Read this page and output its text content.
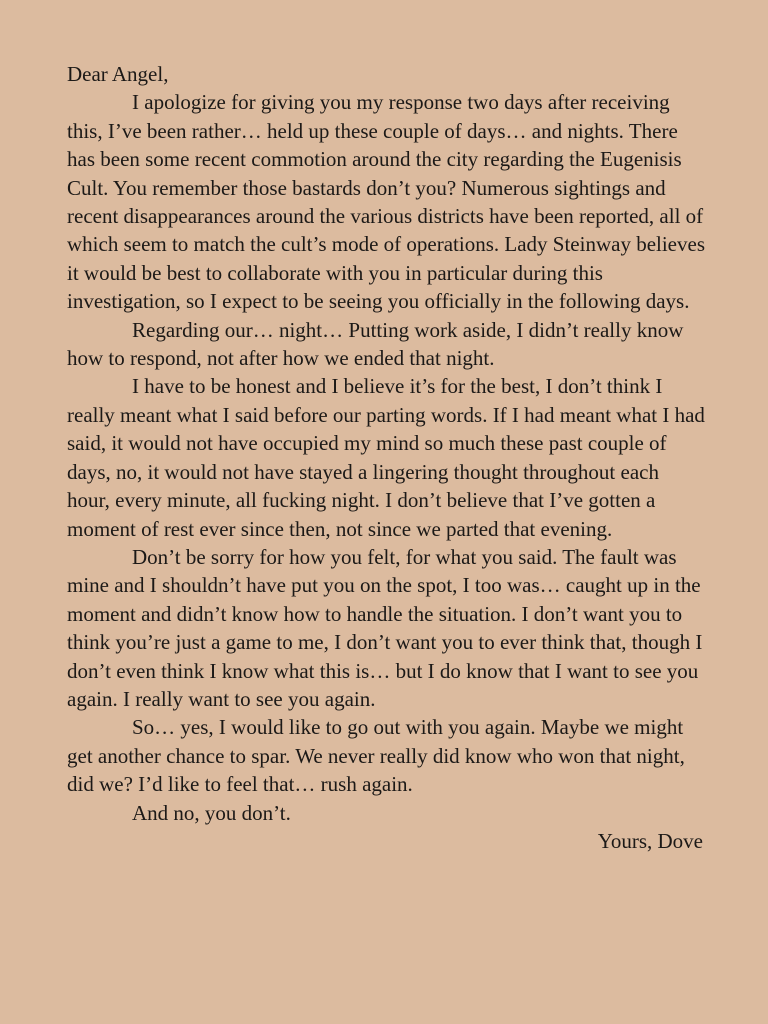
Dear Angel,

I apologize for giving you my response two days after receiving this, I’ve been rather… held up these couple of days… and nights. There has been some recent commotion around the city regarding the Eugenisis Cult. You remember those bastards don’t you? Numerous sightings and recent disappearances around the various districts have been reported, all of which seem to match the cult’s mode of operations. Lady Steinway believes it would be best to collaborate with you in particular during this investigation, so I expect to be seeing you officially in the following days.

Regarding our… night… Putting work aside, I didn’t really know how to respond, not after how we ended that night.

I have to be honest and I believe it’s for the best, I don’t think I really meant what I said before our parting words. If I had meant what I had said, it would not have occupied my mind so much these past couple of days, no, it would not have stayed a lingering thought throughout each hour, every minute, all fucking night. I don’t believe that I’ve gotten a moment of rest ever since then, not since we parted that evening.

Don’t be sorry for how you felt, for what you said. The fault was mine and I shouldn’t have put you on the spot, I too was… caught up in the moment and didn’t know how to handle the situation. I don’t want you to think you’re just a game to me, I don’t want you to ever think that, though I don’t even think I know what this is… but I do know that I want to see you again. I really want to see you again.

So… yes, I would like to go out with you again. Maybe we might get another chance to spar. We never really did know who won that night, did we? I’d like to feel that… rush again.

And no, you don’t.

Yours, Dove
